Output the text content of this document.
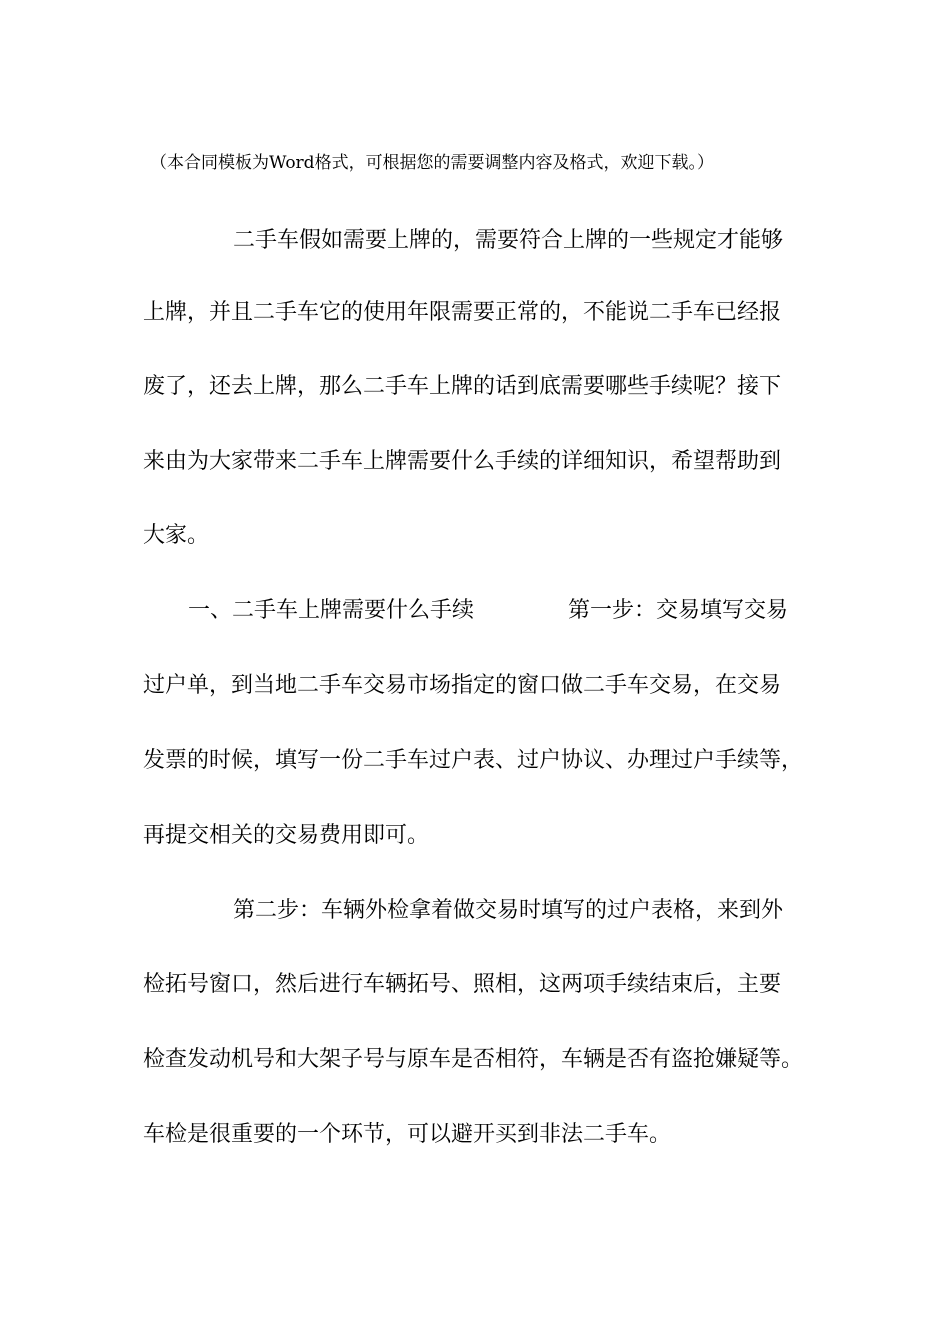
（本合同模板为Word格式，可根据您的需要调整内容及格式，欢迎下载。）
二手车假如需要上牌的，需要符合上牌的一些规定才能够
上牌，并且二手车它的使用年限需要正常的，不能说二手车已经报
废了，还去上牌，那么二手车上牌的话到底需要哪些手续呢？接下
来由为大家带来二手车上牌需要什么手续的详细知识，希望帮助到
大家。
一、二手车上牌需要什么手续	第一步：交易填写交易
过户单，到当地二手车交易市场指定的窗口做二手车交易，在交易
发票的时候，填写一份二手车过户表、过户协议、办理过户手续等，
再提交相关的交易费用即可。
第二步：车辆外检拿着做交易时填写的过户表格，来到外
检拓号窗口，然后进行车辆拓号、照相，这两项手续结束后，主要
检查发动机号和大架子号与原车是否相符，车辆是否有盗抢嫌疑等。
车检是很重要的一个环节，可以避开买到非法二手车。
